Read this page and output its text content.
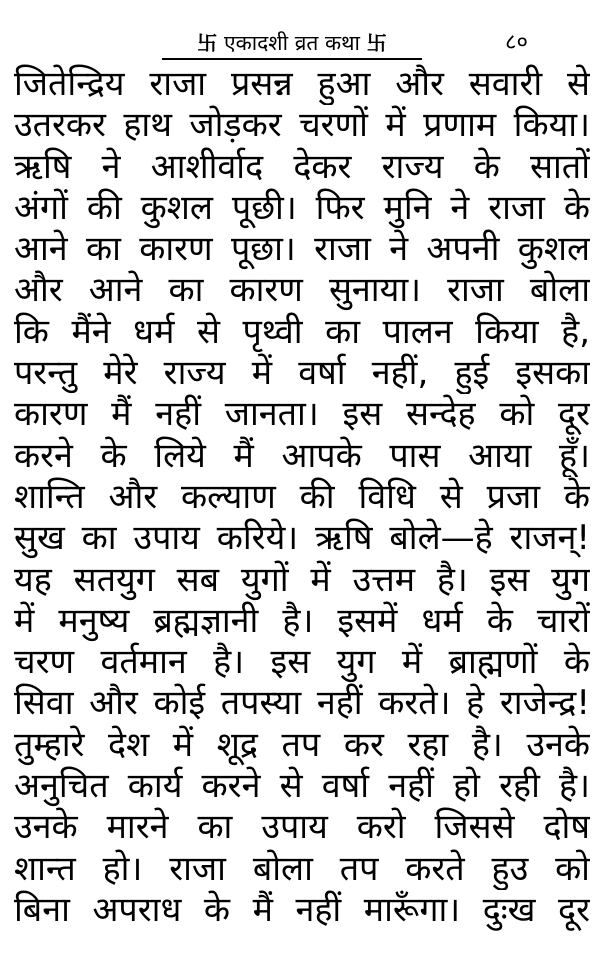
卐 एकादशी व्रत कथा 卐	८०
जितेन्द्रिय राजा प्रसन्न हुआ और सवारी से
उतरकर हाथ जोड़कर चरणों में प्रणाम किया।
ऋषि ने आशीर्वाद देकर राज्य के सातों
अंगों की कुशल पूछी। फिर मुनि ने राजा के
आने का कारण पूछा। राजा ने अपनी कुशल
और आने का कारण सुनाया। राजा बोला
कि मैंने धर्म से पृथ्वी का पालन किया है,
परन्तु मेरे राज्य में वर्षा नहीं, हुई इसका
कारण मैं नहीं जानता। इस सन्देह को दूर
करने के लिये मैं आपके पास आया हूँ।
शान्ति और कल्याण की विधि से प्रजा के
सुख का उपाय करिये। ऋषि बोले—हे राजन्!
यह सतयुग सब युगों में उत्तम है। इस युग
में मनुष्य ब्रह्मज्ञानी है। इसमें धर्म के चारों
चरण वर्तमान है। इस युग में ब्राह्मणों के
सिवा और कोई तपस्या नहीं करते। हे राजेन्द्र!
तुम्हारे देश में शूद्र तप कर रहा है। उनके
अनुचित कार्य करने से वर्षा नहीं हो रही है।
उनके मारने का उपाय करो जिससे दोष
शान्त हो। राजा बोला तप करते हुउ को
बिना अपराध के मैं नहीं मारूँगा। दुःख दूर
